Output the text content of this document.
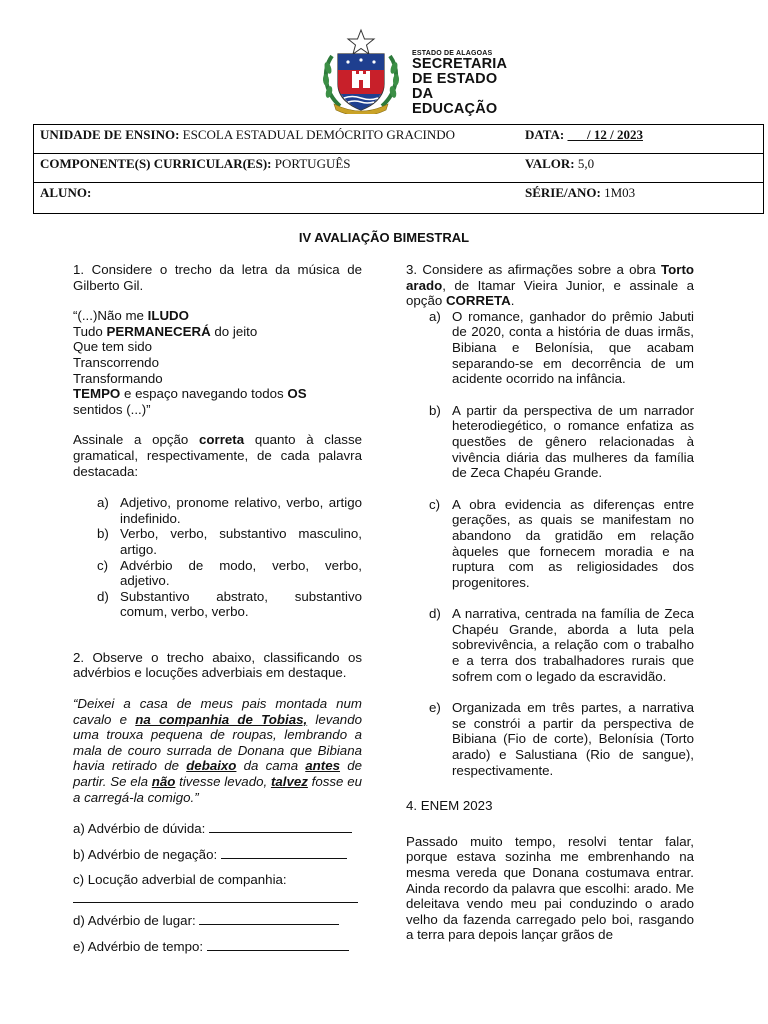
ESTADO DE ALAGOAS
SECRETARIA
DE ESTADO
DA EDUCAÇÃO
UNIDADE DE ENSINO: ESCOLA ESTADUAL DEMÓCRITO GRACINDO	DATA:       / 12 / 2023
COMPONENTE(S) CURRICULAR(ES): PORTUGUÊS	VALOR: 5,0
ALUNO:	SÉRIE/ANO: 1M03
IV AVALIAÇÃO BIMESTRAL

1. Considere o trecho da letra da música de Gilberto Gil.

“(...)Não me ILUDO
Tudo PERMANECERÁ do jeito
Que tem sido
Transcorrendo
Transformando
TEMPO e espaço navegando todos OS
sentidos (...)”

Assinale a opção correta quanto à classe gramatical, respectivamente, de cada palavra destacada:

a) Adjetivo, pronome relativo, verbo, artigo indefinido.
b) Verbo, verbo, substantivo masculino, artigo.
c) Advérbio de modo, verbo, verbo, adjetivo.
d) Substantivo abstrato, substantivo comum, verbo, verbo.

2. Observe o trecho abaixo, classificando os advérbios e locuções adverbiais em destaque.

“Deixei a casa de meus pais montada num cavalo e na companhia de Tobias, levando uma trouxa pequena de roupas, lembrando a mala de couro surrada de Donana que Bibiana havia retirado de debaixo da cama antes de partir. Se ela não tivesse levado, talvez fosse eu a carregá-la comigo.”

a) Advérbio de dúvida:
b) Advérbio de negação:
c) Locução adverbial de companhia:
d) Advérbio de lugar:
e) Advérbio de tempo:

3. Considere as afirmações sobre a obra Torto arado, de Itamar Vieira Junior, e assinale a opção CORRETA.

a) O romance, ganhador do prêmio Jabuti de 2020, conta a história de duas irmãs, Bibiana e Belonísia, que acabam separando-se em decorrência de um acidente ocorrido na infância.
b) A partir da perspectiva de um narrador heterodiegético, o romance enfatiza as questões de gênero relacionadas à vivência diária das mulheres da família de Zeca Chapéu Grande.
c) A obra evidencia as diferenças entre gerações, as quais se manifestam no abandono da gratidão em relação àqueles que fornecem moradia e na ruptura com as religiosidades dos progenitores.
d) A narrativa, centrada na família de Zeca Chapéu Grande, aborda a luta pela sobrevivência, a relação com o trabalho e a terra dos trabalhadores rurais que sofrem com o legado da escravidão.
e) Organizada em três partes, a narrativa se constrói a partir da perspectiva de Bibiana (Fio de corte), Belonísia (Torto arado) e Salustiana (Rio de sangue), respectivamente.

4. ENEM 2023

Passado muito tempo, resolvi tentar falar, porque estava sozinha me embrenhando na mesma vereda que Donana costumava entrar. Ainda recordo da palavra que escolhi: arado. Me deleitava vendo meu pai conduzindo o arado velho da fazenda carregado pelo boi, rasgando a terra para depois lançar grãos de
